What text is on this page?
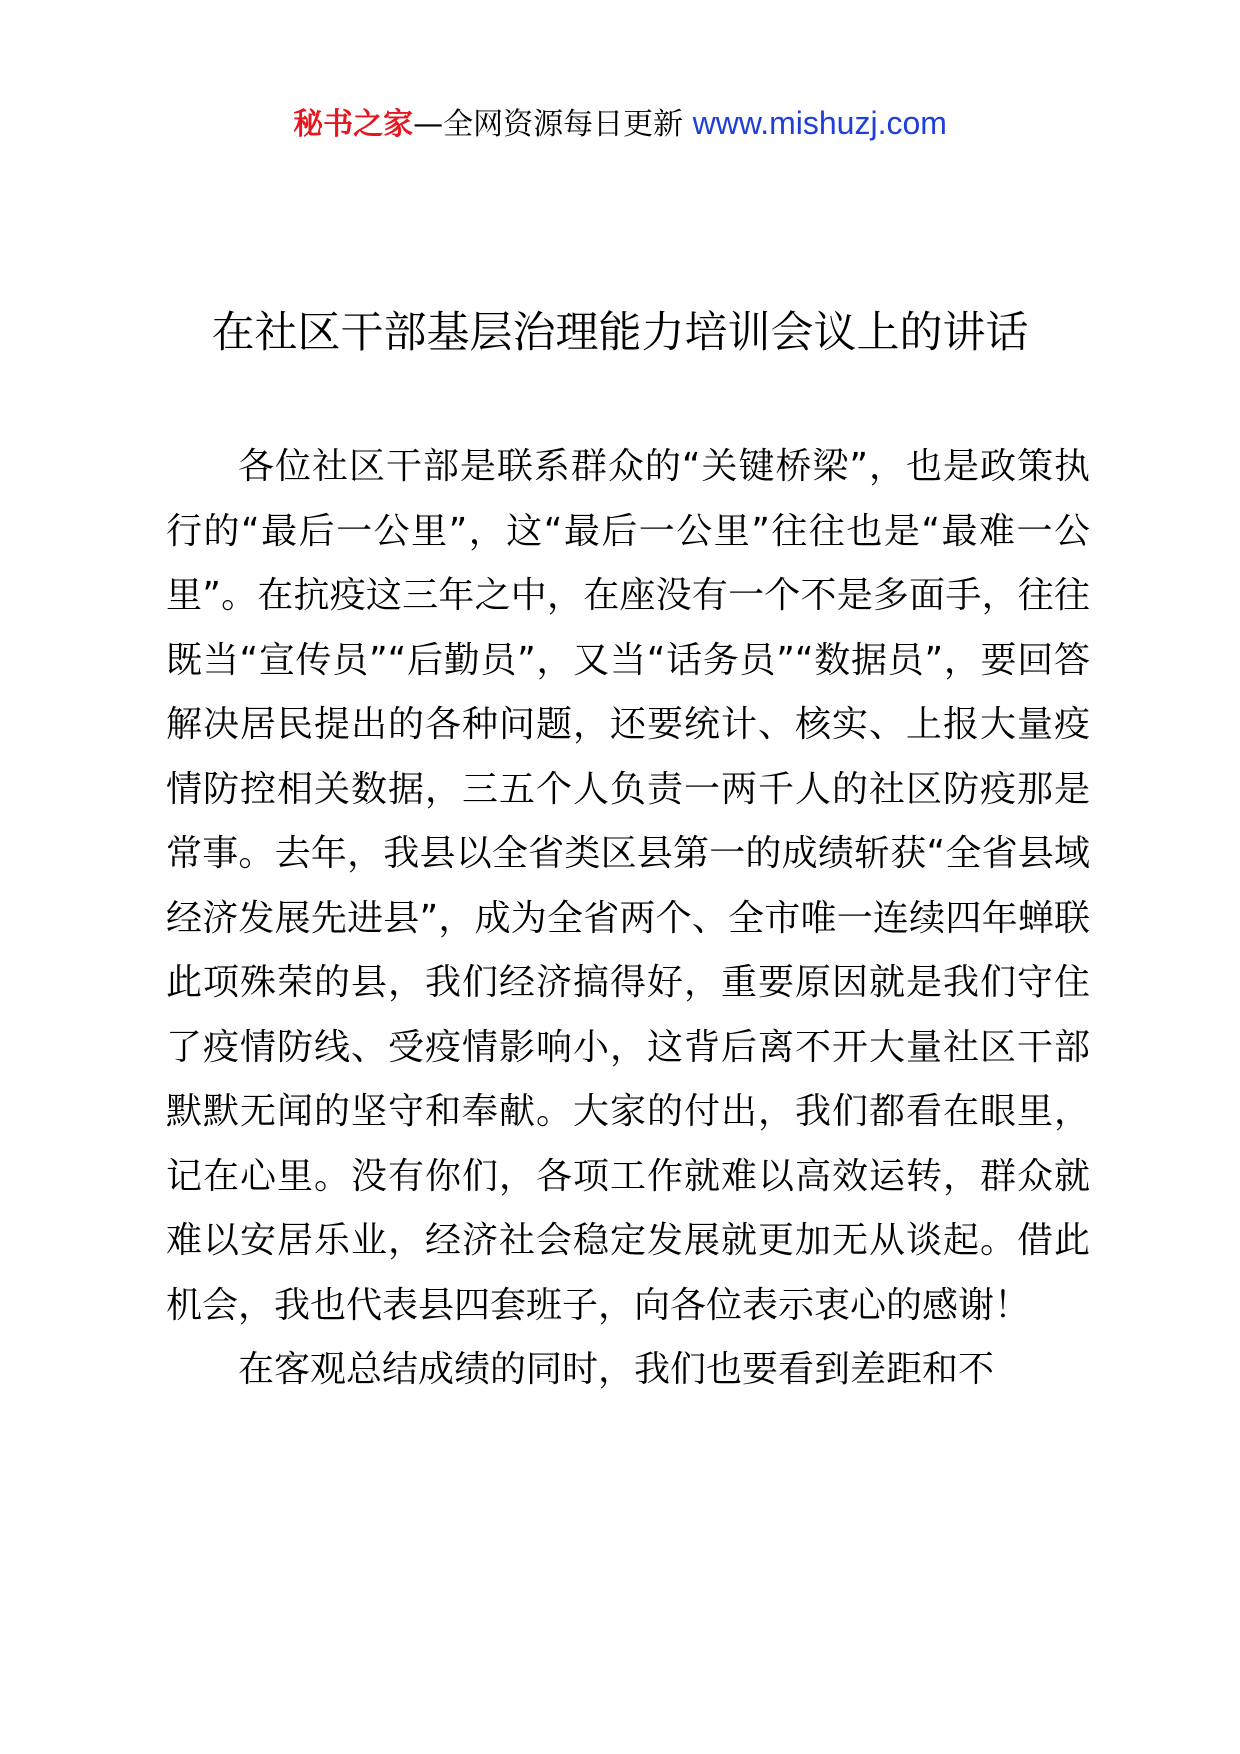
秘书之家—全网资源每日更新 www.mishuzj.com
在社区干部基层治理能力培训会议上的讲话

各位社区干部是联系群众的“关键桥梁”，也是政策执行的“最后一公里”，这“最后一公里”往往也是“最难一公里”。在抗疫这三年之中，在座没有一个不是多面手，往往既当“宣传员”“后勤员”，又当“话务员”“数据员”，要回答解决居民提出的各种问题，还要统计、核实、上报大量疫情防控相关数据，三五个人负责一两千人的社区防疫那是常事。去年，我县以全省类区县第一的成绩斩获“全省县域经济发展先进县”，成为全省两个、全市唯一连续四年蝉联此项殊荣的县，我们经济搞得好，重要原因就是我们守住了疫情防线、受疫情影响小，这背后离不开大量社区干部默默无闻的坚守和奉献。大家的付出，我们都看在眼里，记在心里。没有你们，各项工作就难以高效运转，群众就难以安居乐业，经济社会稳定发展就更加无从谈起。借此机会，我也代表县四套班子，向各位表示衷心的感谢！

在客观总结成绩的同时，我们也要看到差距和不
